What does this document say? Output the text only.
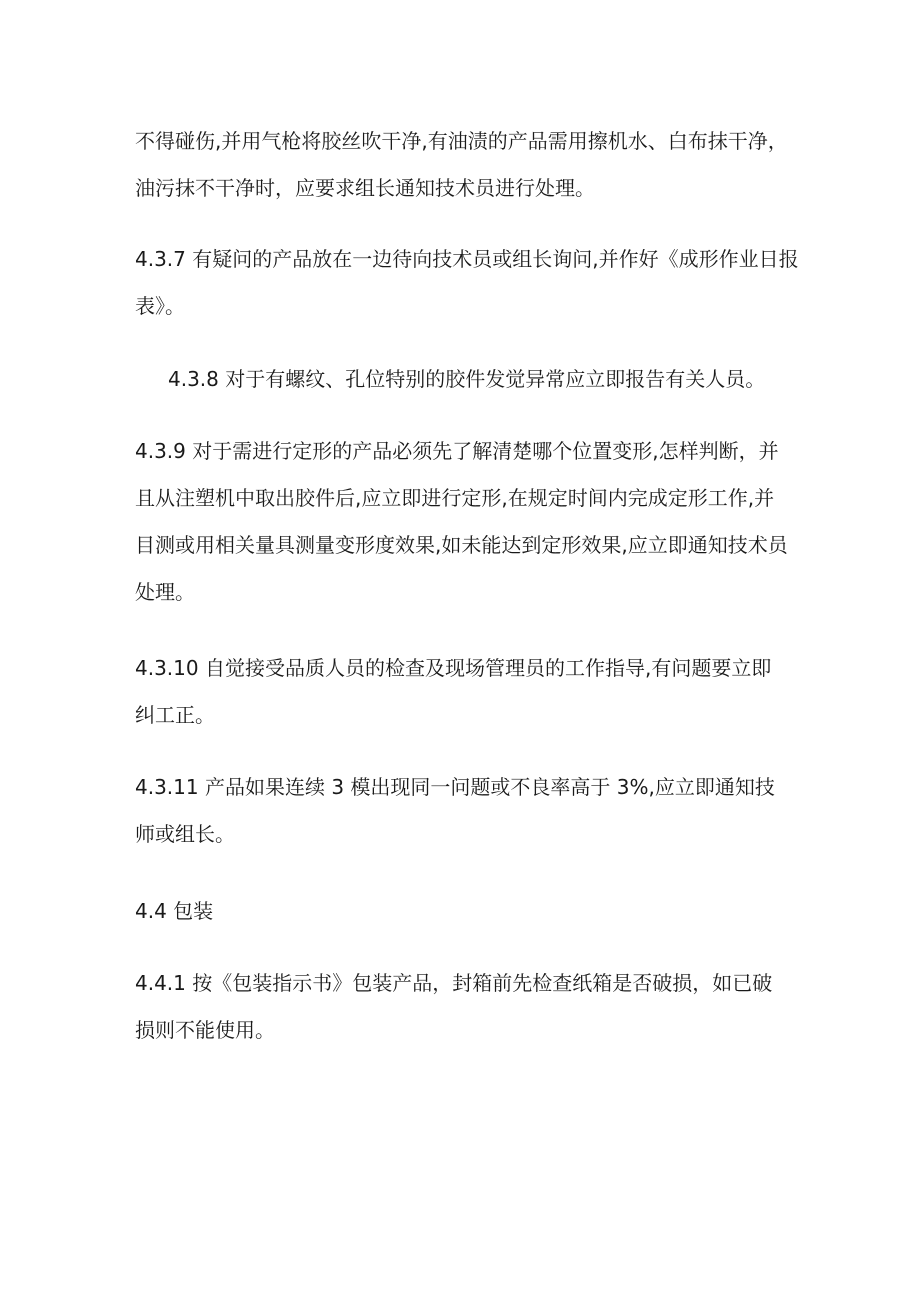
不得碰伤,并用气枪将胶丝吹干净,有油渍的产品需用擦机水、白布抹干净，
油污抹不干净时，应要求组长通知技术员进行处理。
4.3.7 有疑问的产品放在一边待向技术员或组长询问,并作好《成形作业日报
表》。
4.3.8 对于有螺纹、孔位特别的胶件发觉异常应立即报告有关人员。
4.3.9 对于需进行定形的产品必须先了解清楚哪个位置变形,怎样判断，并
且从注塑机中取出胶件后,应立即进行定形,在规定时间内完成定形工作,并
目测或用相关量具测量变形度效果,如未能达到定形效果,应立即通知技术员
处理。
4.3.10 自觉接受品质人员的检查及现场管理员的工作指导,有问题要立即
纠工正。
4.3.11 产品如果连续 3 模出现同一问题或不良率高于 3%,应立即通知技
师或组长。
4.4 包装
4.4.1 按《包装指示书》包装产品，封箱前先检查纸箱是否破损，如已破
损则不能使用。
